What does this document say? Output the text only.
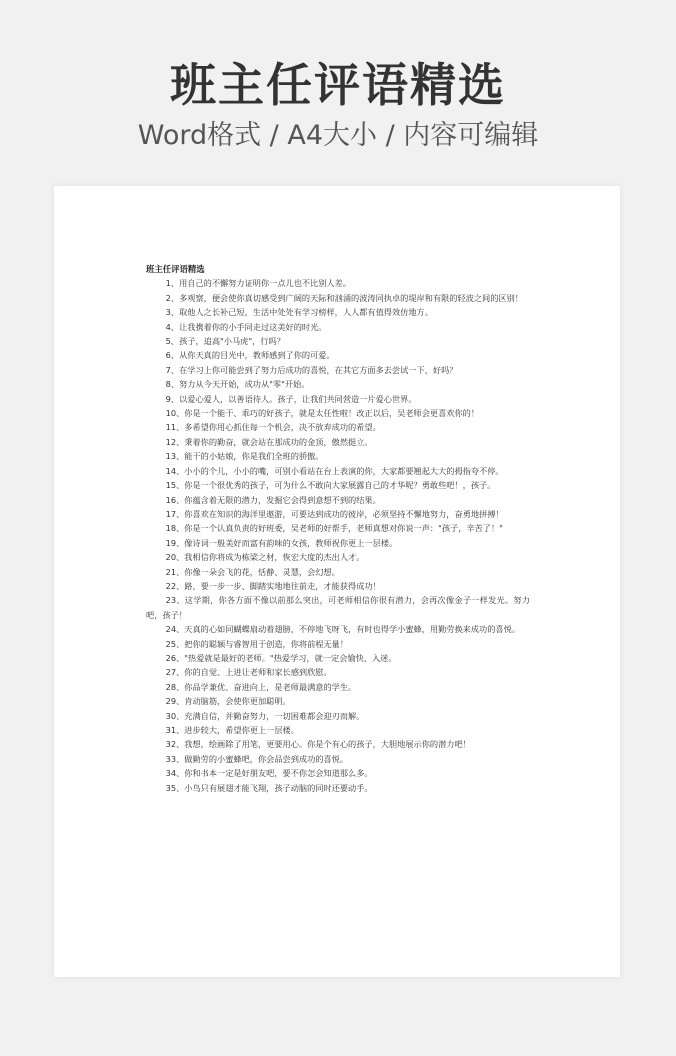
班主任评语精选
Word格式 / A4大小 / 内容可编辑
班主任评语精选

1、用自己的不懈努力证明你一点儿也不比别人差。

2、多观察，便会使你真切感受到广阔的天际和汹涌的波涛同执卓的堤岸和有限的轻波之间的区别！

3、取他人之长补己短，生活中处处有学习榜样，人人都有值得效仿地方。

4、让我携着你的小手同走过这美好的时光。

5、孩子，追高"小马虎"，行吗？

6、从你天真的目光中，教师感到了你的可爱。

7、在学习上你可能尝到了努力后成功的喜悦，在其它方面多去尝试一下，好吗？

8、努力从今天开始，成功从"零"开始。

9、以爱心爱人，以善语待人。孩子，让我们共同营造一片爱心世界。

10、你是一个能干、乖巧的好孩子，就是太任性啦！改正以后，吴老师会更喜欢你的！

11、多希望你用心抓住每一个机会，决不放弃成功的希望。

12、秉着你的勤奋，就会站在那成功的金顶，傲然挺立。

13、能干的小姑娘，你是我们全班的骄傲。

14、小小的个儿，小小的嘴，可别小看站在台上表演的你，大家都要翘起大大的拇指夸不停。

15、你是一个很优秀的孩子，可为什么不敢向大家展露自己的才华呢？勇敢些吧！，孩子。

16、你蕴含着无限的潜力，发掘它会得到意想不到的结果。

17、你喜欢在知识的海洋里遨游，可要达到成功的彼岸，必须坚持不懈地努力，奋勇地拼搏！

18、你是一个认真负责的好班委，吴老师的好帮手，老师真想对你说一声："孩子，辛苦了！"

19、像诗词一般美好而富有韵味的女孩，教师祝你更上一层楼。

20、我相信你将成为栋梁之材，恢宏大度的杰出人才。

21、你像一朵会飞的花，恬静、灵慧，会幻想。

22、路，要一步一步、脚踏实地地往前走，才能获得成功！

23、这学期，你各方面不像以前那么突出，可老师相信你很有潜力，会再次像金子一样发光。努力吧，孩子！

24、天真的心如同蝴蝶扇动着翅膀，不停地飞呀飞，有时也得学小蜜蜂，用勤劳换来成功的喜悦。

25、把你的聪颖与睿智用于创造，你将前程无量！

26、"热爱就是最好的老师。"热爱学习，就一定会愉快、入迷。

27、你的自觉、上进让老师和家长感到欣慰。

28、你品学兼优、奋进向上，是老师最满意的学生。

29、肯动脑筋，会使你更加聪明。

30、充满自信，并勤奋努力，一切困难都会迎刃而解。

31、进步较大，希望你更上一层楼。

32、我想，绘画除了用笔，更要用心。你是个有心的孩子，大胆地展示你的潜力吧！

33、做勤劳的小蜜蜂吧，你会品尝到成功的喜悦。

34、你和书本一定是好朋友吧，要不你怎会知道那么多。

35、小鸟只有展翅才能飞翔，孩子动脑的同时还要动手。
